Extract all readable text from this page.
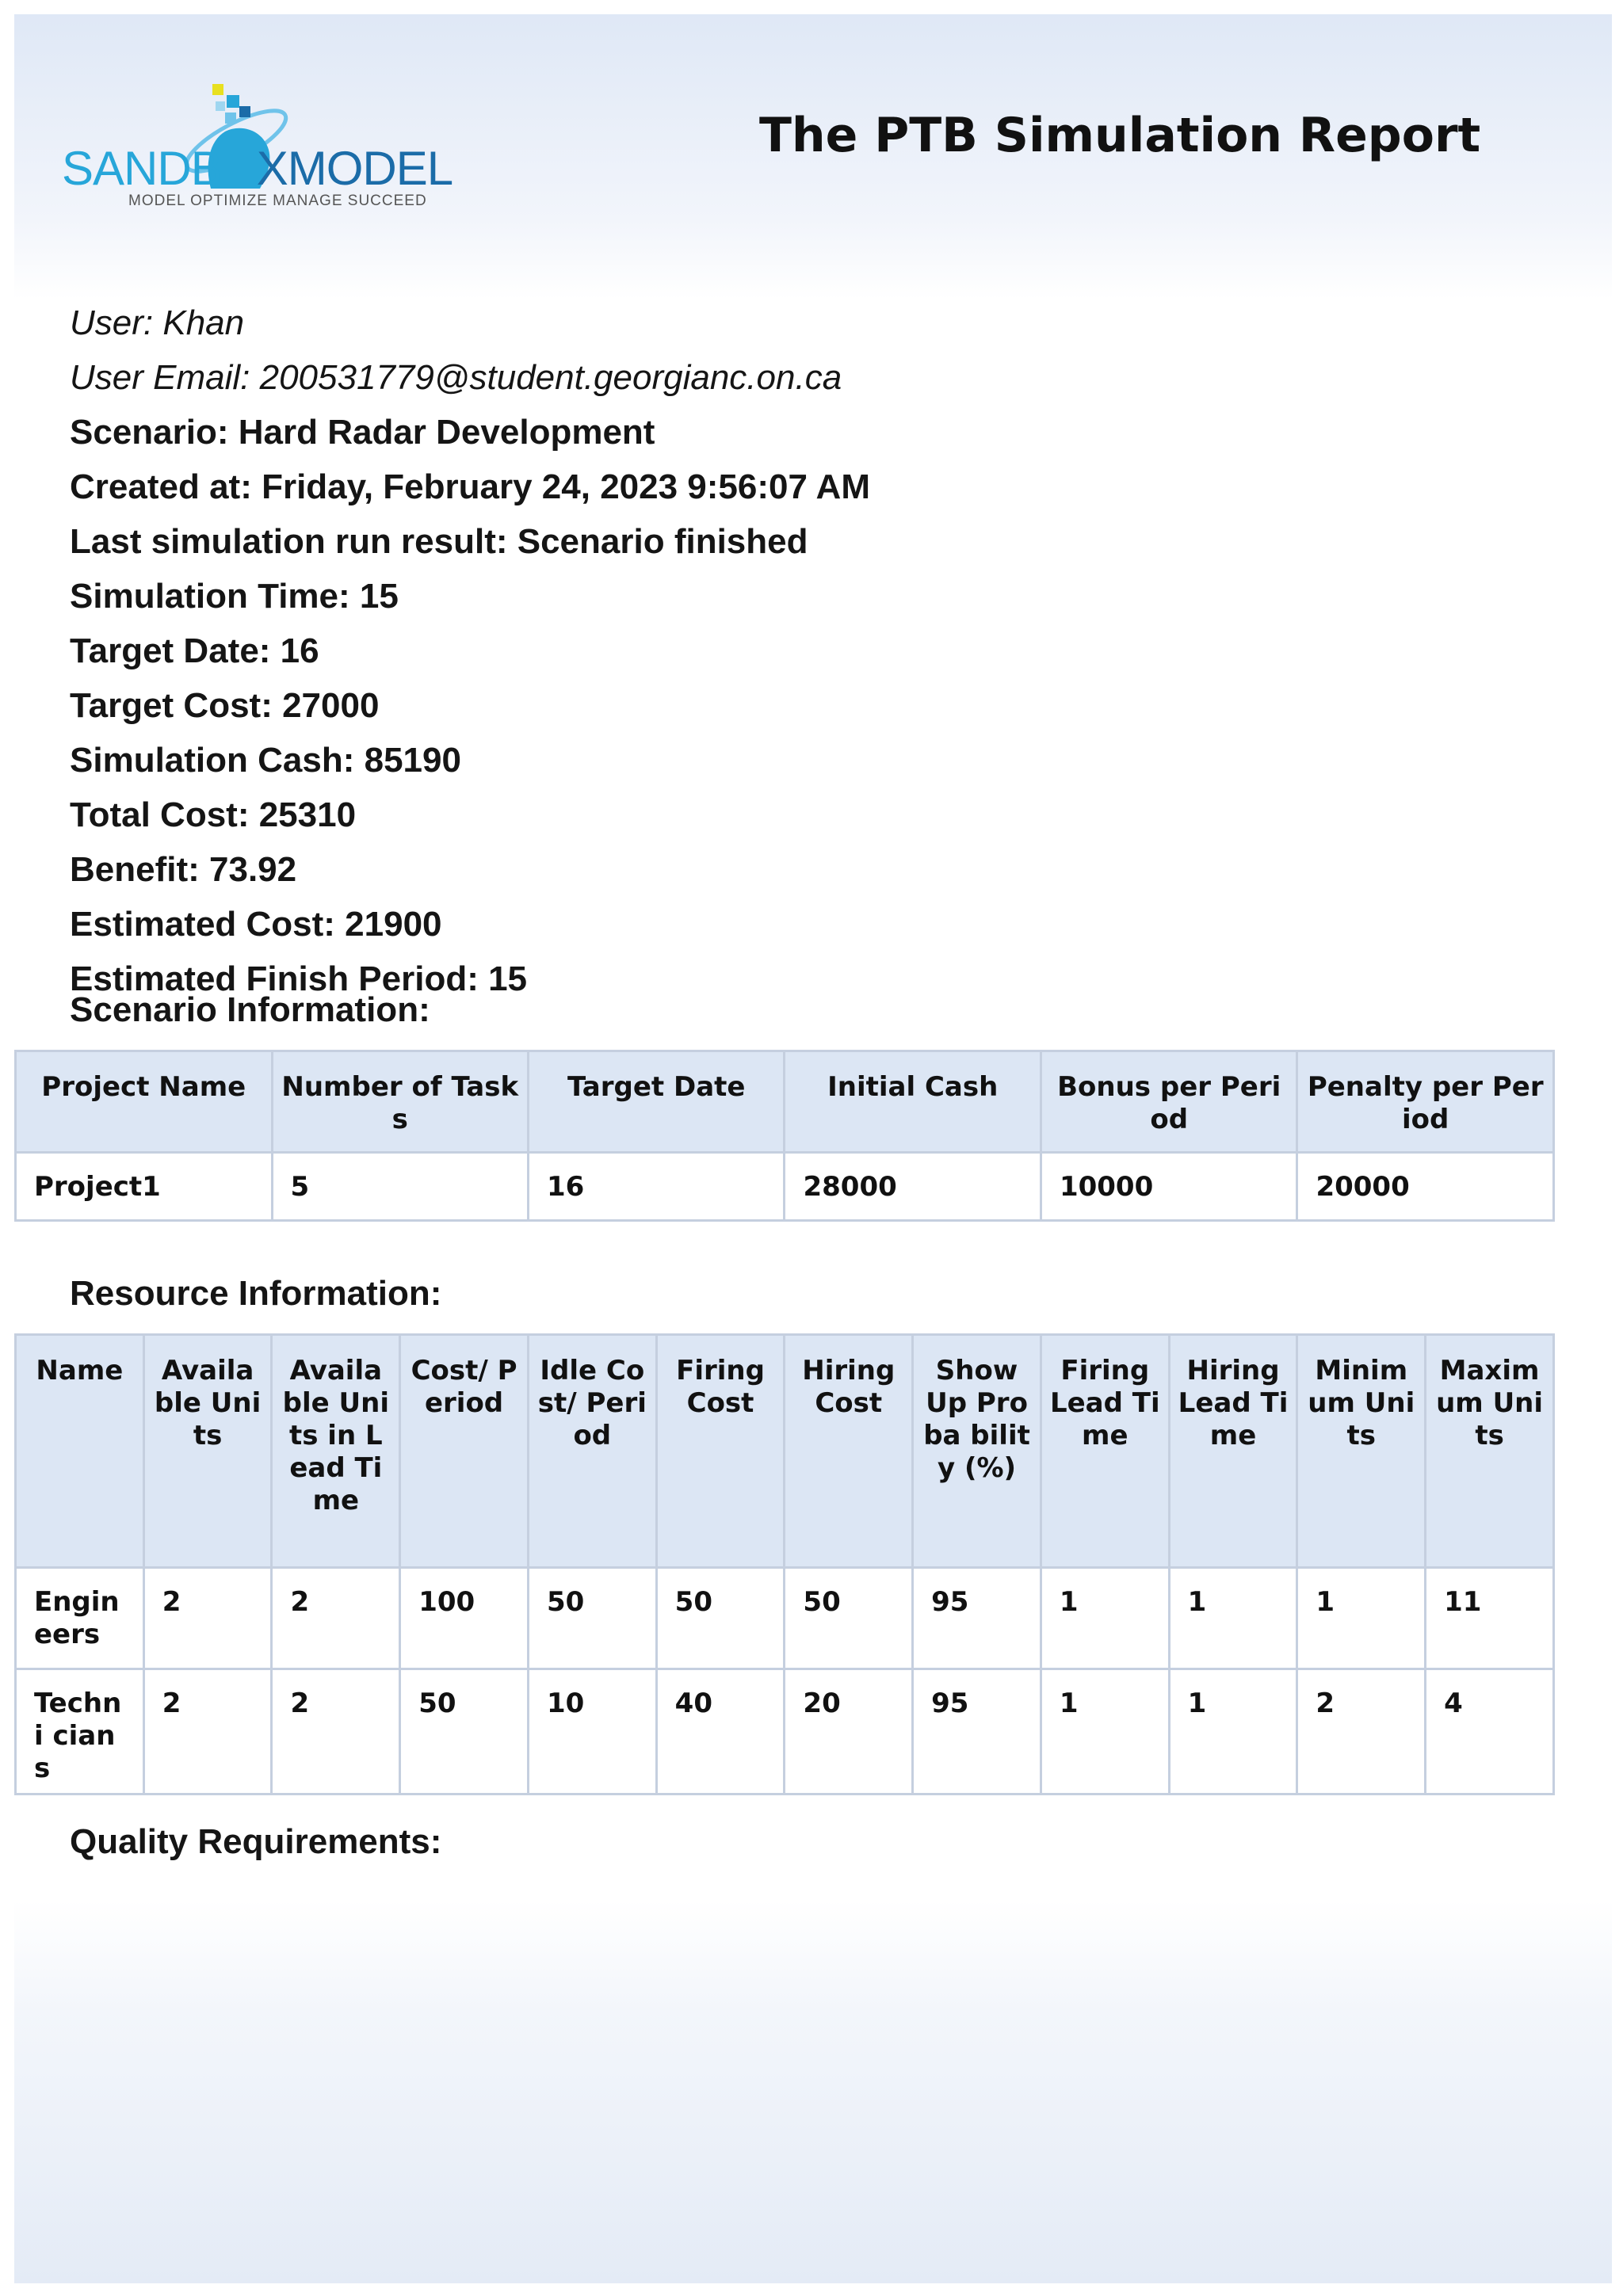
SANDB XMODEL
MODEL OPTIMIZE MANAGE SUCCEED
The PTB Simulation Report
User: Khan
User Email: 200531779@student.georgianc.on.ca
Scenario: Hard Radar Development
Created at: Friday, February 24, 2023 9:56:07 AM
Last simulation run result: Scenario finished
Simulation Time: 15
Target Date: 16
Target Cost: 27000
Simulation Cash: 85190
Total Cost: 25310
Benefit: 73.92
Estimated Cost: 21900
Estimated Finish Period: 15
Scenario Information:
Project Name	Number of Tasks	Target Date	Initial Cash	Bonus per Period	Penalty per Period
Project1	5	16	28000	10000	20000
Resource Information:
Name	Availa ble Units	Availa ble Units in Lead Time	Cost/ Period	Idle Cost/ Period	Firing Cost	Hiring Cost	Show Up Proba bility (%)	Firing Lead Time	Hiring Lead Time	Minim um Units	Maxim um Units
Engin eers	2	2	100	50	50	50	95	1	1	1	11
Techni cians	2	2	50	10	40	20	95	1	1	2	4
Quality Requirements:
